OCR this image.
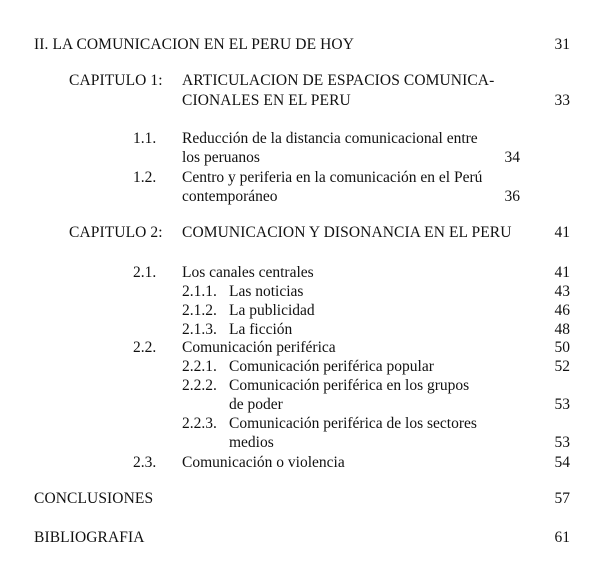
II. LA COMUNICACION EN EL PERU DE HOY	31
CAPITULO 1: ARTICULACION DE ESPACIOS COMUNICA-
CIONALES EN EL PERU	33
1.1. Reducción de la distancia comunicacional entre
los peruanos	34
1.2. Centro y periferia en la comunicación en el Perú
contemporáneo	36
CAPITULO 2: COMUNICACION Y DISONANCIA EN EL PERU	41
2.1. Los canales centrales	41
2.1.1. Las noticias	43
2.1.2. La publicidad	46
2.1.3. La ficción	48
2.2. Comunicación periférica	50
2.2.1. Comunicación periférica popular	52
2.2.2. Comunicación periférica en los grupos
de poder	53
2.2.3. Comunicación periférica de los sectores
medios	53
2.3. Comunicación o violencia	54
CONCLUSIONES	57
BIBLIOGRAFIA	61
